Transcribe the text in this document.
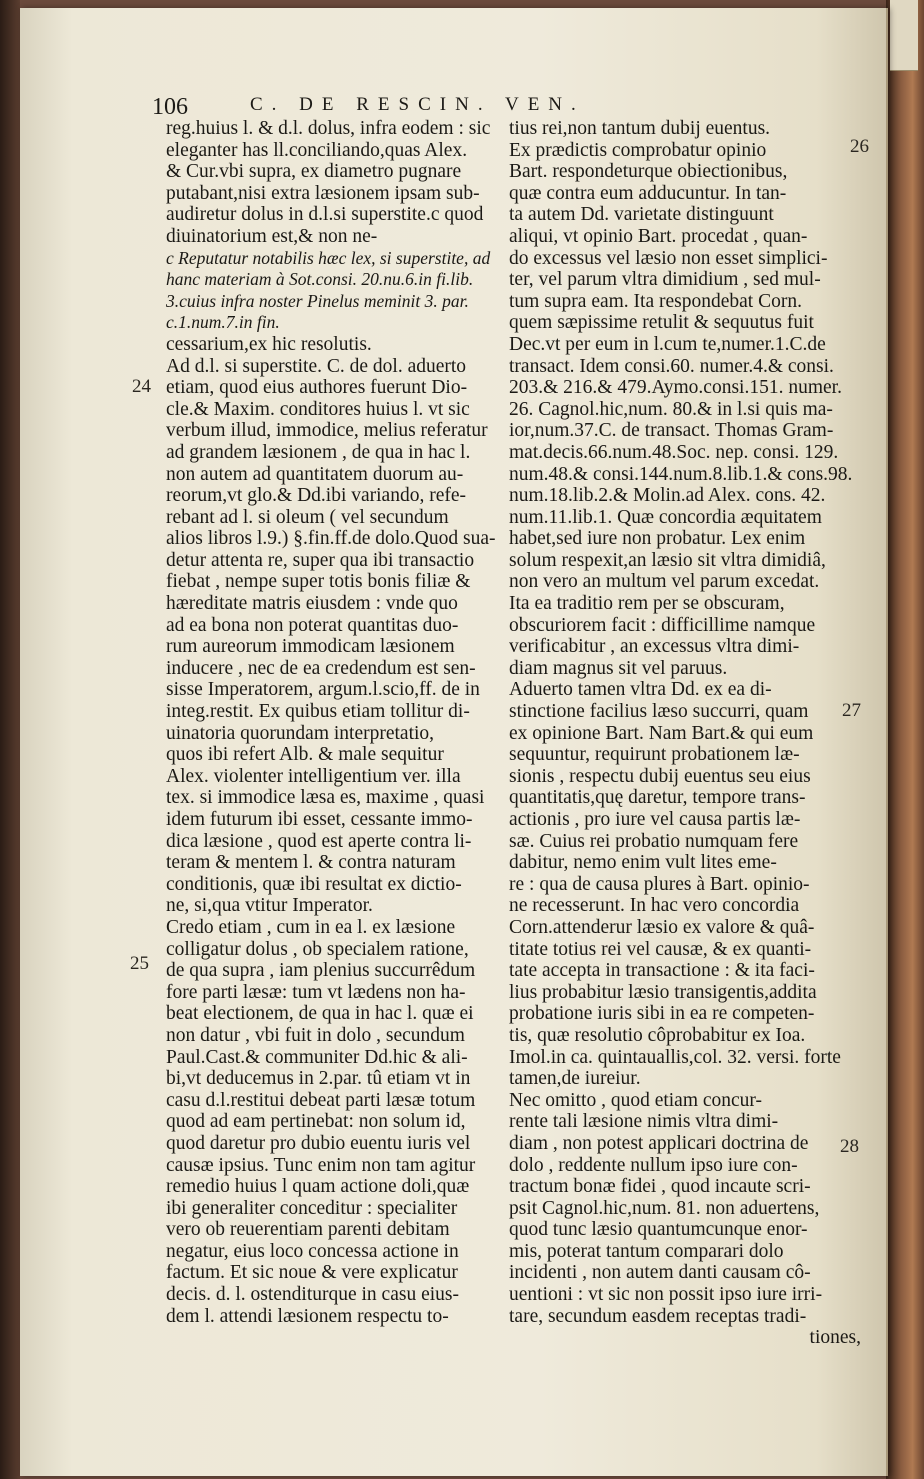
106	C. DE RESCIN. VEN.
reg.huius l. & d.l. dolus, infra eodem : sic
eleganter has ll.conciliando,quas Alex.
& Cur.vbi supra, ex diametro pugnare
putabant,nisi extra læsionem ipsam sub-
audiretur dolus in d.l.si superstite.c quod
diuinatorium est,& non ne-
c Reputatur notabilis hæc lex, si superstite, ad
hanc materiam à Sot.consi. 20.nu.6.in fi.lib.
3.cuius infra noster Pinelus meminit 3. par.
c.1.num.7.in fin.
cessarium,ex hic resolutis.
Ad d.l. si superstite. C. de dol. aduerto
etiam, quod eius authores fuerunt Dio-
cle.& Maxim. conditores huius l. vt sic
verbum illud, immodice, melius referatur
ad grandem læsionem , de qua in hac l.
non autem ad quantitatem duorum au-
reorum,vt glo.& Dd.ibi variando, refe-
rebant ad l. si oleum ( vel secundum
alios libros l.9.) §.fin.ff.de dolo.Quod sua-
detur attenta re, super qua ibi transactio
fiebat , nempe super totis bonis filiæ &
hæreditate matris eiusdem : vnde quo
ad ea bona non poterat quantitas duo-
rum aureorum immodicam læsionem
inducere , nec de ea credendum est sen-
sisse Imperatorem, argum.l.scio,ff. de in
integ.restit. Ex quibus etiam tollitur di-
uinatoria quorundam interpretatio,
quos ibi refert Alb. & male sequitur
Alex. violenter intelligentium ver. illa
tex. si immodice læsa es, maxime , quasi
idem futurum ibi esset, cessante immo-
dica læsione , quod est aperte contra li-
teram & mentem l. & contra naturam
conditionis, quæ ibi resultat ex dictio-
ne, si,qua vtitur Imperator.
Credo etiam , cum in ea l. ex læsione
colligatur dolus , ob specialem ratione,
de qua supra , iam plenius succurrêdum
fore parti læsæ: tum vt lædens non ha-
beat electionem, de qua in hac l. quæ ei
non datur , vbi fuit in dolo , secundum
Paul.Cast.& communiter Dd.hic & ali-
bi,vt deducemus in 2.par. tû etiam vt in
casu d.l.restitui debeat parti læsæ totum
quod ad eam pertinebat: non solum id,
quod daretur pro dubio euentu iuris vel
causæ ipsius. Tunc enim non tam agitur
remedio huius l quam actione doli,quæ
ibi generaliter conceditur : specialiter
vero ob reuerentiam parenti debitam
negatur, eius loco concessa actione in
factum. Et sic noue & vere explicatur
decis. d. l. ostenditurque in casu eius-
dem l. attendi læsionem respectu to-
tius rei,non tantum dubij euentus.
Ex prædictis comprobatur opinio
Bart. respondeturque obiectionibus,
quæ contra eum adducuntur. In tan-
ta autem Dd. varietate distinguunt
aliqui, vt opinio Bart. procedat , quan-
do excessus vel læsio non esset simplici-
ter, vel parum vltra dimidium , sed mul-
tum supra eam. Ita respondebat Corn.
quem sæpissime retulit & sequutus fuit
Dec.vt per eum in l.cum te,numer.1.C.de
transact. Idem consi.60. numer.4.& consi.
203.& 216.& 479.Aymo.consi.151. numer.
26. Cagnol.hic,num. 80.& in l.si quis ma-
ior,num.37.C. de transact. Thomas Gram-
mat.decis.66.num.48.Soc. nep. consi. 129.
num.48.& consi.144.num.8.lib.1.& cons.98.
num.18.lib.2.& Molin.ad Alex. cons. 42.
num.11.lib.1. Quæ concordia æquitatem
habet,sed iure non probatur. Lex enim
solum respexit,an læsio sit vltra dimidiâ,
non vero an multum vel parum excedat.
Ita ea traditio rem per se obscuram,
obscuriorem facit : difficillime namque
verificabitur , an excessus vltra dimi-
diam magnus sit vel paruus.
Aduerto tamen vltra Dd. ex ea di-
stinctione facilius læso succurri, quam
ex opinione Bart. Nam Bart.& qui eum
sequuntur, requirunt probationem læ-
sionis , respectu dubij euentus seu eius
quantitatis,quę daretur, tempore trans-
actionis , pro iure vel causa partis læ-
sæ. Cuius rei probatio numquam fere
dabitur, nemo enim vult lites eme-
re : qua de causa plures à Bart. opinio-
ne recesserunt. In hac vero concordia
Corn.attenderur læsio ex valore & quâ-
titate totius rei vel causæ, & ex quanti-
tate accepta in transactione : & ita faci-
lius probabitur læsio transigentis,addita
probatione iuris sibi in ea re competen-
tis, quæ resolutio côprobabitur ex Ioa.
Imol.in ca. quintauallis,col. 32. versi. forte
tamen,de iureiur.
Nec omitto , quod etiam concur-
rente tali læsione nimis vltra dimi-
diam , non potest applicari doctrina de
dolo , reddente nullum ipso iure con-
tractum bonæ fidei , quod incaute scri-
psit Cagnol.hic,num. 81. non aduertens,
quod tunc læsio quantumcunque enor-
mis, poterat tantum comparari dolo
incidenti , non autem danti causam cô-
uentioni : vt sic non possit ipso iure irri-
tare, secundum easdem receptas tradi-
tiones,
24
25
26
27
28
